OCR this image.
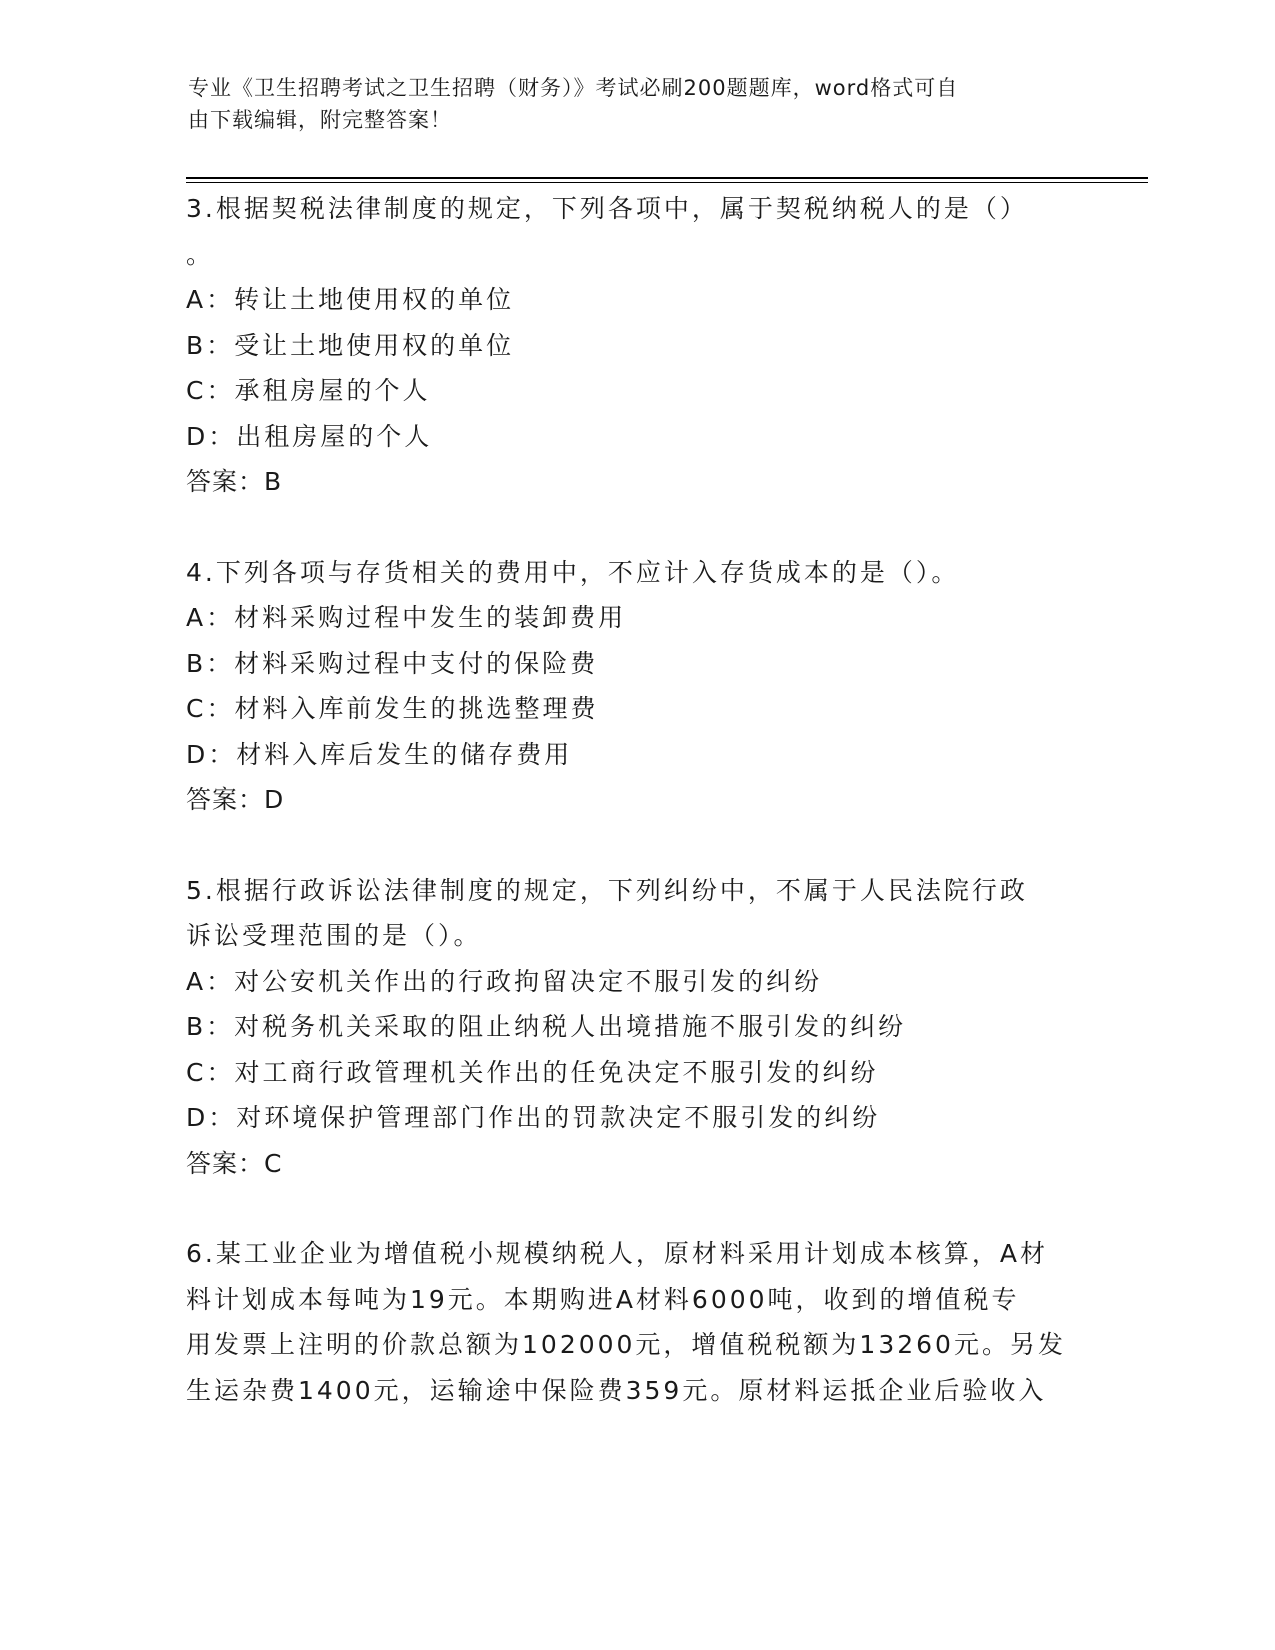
专业《卫生招聘考试之卫生招聘（财务）》考试必刷200题题库，word格式可自
由下载编辑，附完整答案！
3.根据契税法律制度的规定，下列各项中，属于契税纳税人的是（）
。
A：转让土地使用权的单位
B：受让土地使用权的单位
C：承租房屋的个人
D：出租房屋的个人
答案：B
4.下列各项与存货相关的费用中，不应计入存货成本的是（）。
A：材料采购过程中发生的装卸费用
B：材料采购过程中支付的保险费
C：材料入库前发生的挑选整理费
D：材料入库后发生的储存费用
答案：D
5.根据行政诉讼法律制度的规定，下列纠纷中，不属于人民法院行政
诉讼受理范围的是（）。
A：对公安机关作出的行政拘留决定不服引发的纠纷
B：对税务机关采取的阻止纳税人出境措施不服引发的纠纷
C：对工商行政管理机关作出的任免决定不服引发的纠纷
D：对环境保护管理部门作出的罚款决定不服引发的纠纷
答案：C
6.某工业企业为增值税小规模纳税人，原材料采用计划成本核算，A材
料计划成本每吨为19元。本期购进A材料6000吨，收到的增值税专
用发票上注明的价款总额为102000元，增值税税额为13260元。另发
生运杂费1400元，运输途中保险费359元。原材料运抵企业后验收入
